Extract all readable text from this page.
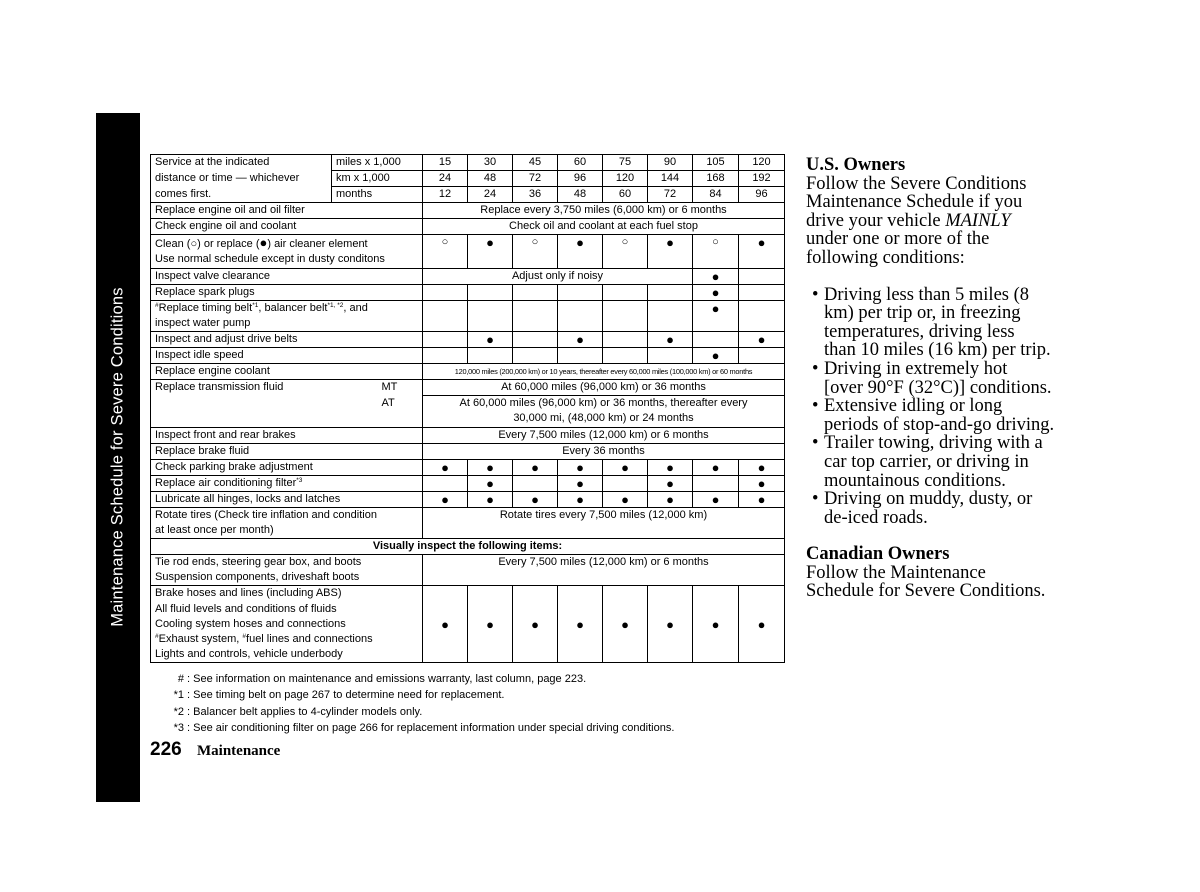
Maintenance Schedule for Severe Conditions
Service at the indicated	miles x 1,000		15	30	45	60	75	90	105	120
distance or time — whichever	km x 1,000		24	48	72	96	120	144	168	192
comes first.	months		12	24	36	48	60	72	84	96
Replace engine oil and oil filter			Replace every 3,750 miles (6,000 km) or 6 months							
Check engine oil and coolant			Check oil and coolant at each fuel stop							
Clean (○) or replace (●) air cleaner element			○	●	○	●	○	●	○	●
Use normal schedule except in dusty conditons										
Inspect valve clearance			Adjust only if noisy						●	
Replace spark plugs									●	
#Replace timing belt$^{*1}$, balancer belt$^{*1, *2}$, and									●	
inspect water pump										
Inspect and adjust drive belts				●		●		●		●
Inspect idle speed									●	
Replace engine coolant			120,000 miles (200,000 km) or 10 years, thereafter every 60,000 miles (100,000 km) or 60 months							
Replace transmission fluid		MT	At 60,000 miles (96,000 km) or 36 months							
		AT	At 60,000 miles (96,000 km) or 36 months, thereafter every							
			30,000 mi, (48,000 km) or 24 months							
Inspect front and rear brakes			Every 7,500 miles (12,000 km) or 6 months							
Replace brake fluid			Every 36 months							
Check parking brake adjustment			●	●	●	●	●	●	●	●
Replace air conditioning filter$^{*3}$				●		●		●		●
Lubricate all hinges, locks and latches			●	●	●	●	●	●	●	●
Rotate tires (Check tire inflation and condition			Rotate tires every 7,500 miles (12,000 km)							
at least once per month)										
Visually inspect the following items:										
Tie rod ends, steering gear box, and boots			Every 7,500 miles (12,000 km) or 6 months							
Suspension components, driveshaft boots										
Brake hoses and lines (including ABS)			●	●	●	●	●	●	●	●
All fluid levels and conditions of fluids										
Cooling system hoses and connections										
#Exhaust system, #fuel lines and connections										
Lights and controls, vehicle underbody										
# : See information on maintenance and emissions warranty, last column, page 223.
*1 : See timing belt on page 267 to determine need for replacement.
*2 : Balancer belt applies to 4-cylinder models only.
*3 : See air conditioning filter on page 266 for replacement information under special driving conditions.
226 Maintenance
U.S. Owners

Follow the Severe Conditions

Maintenance Schedule if you

drive your vehicle MAINLY

under one or more of the

following conditions:

• Driving less than 5 miles (8
km) per trip or, in freezing
temperatures, driving less
than 10 miles (16 km) per trip.
• Driving in extremely hot
[over 90°F (32°C)] conditions.
• Extensive idling or long
periods of stop-and-go driving.
• Trailer towing, driving with a
car top carrier, or driving in
mountainous conditions.
• Driving on muddy, dusty, or
de-iced roads.
Canadian Owners

Follow the Maintenance

Schedule for Severe Conditions.
